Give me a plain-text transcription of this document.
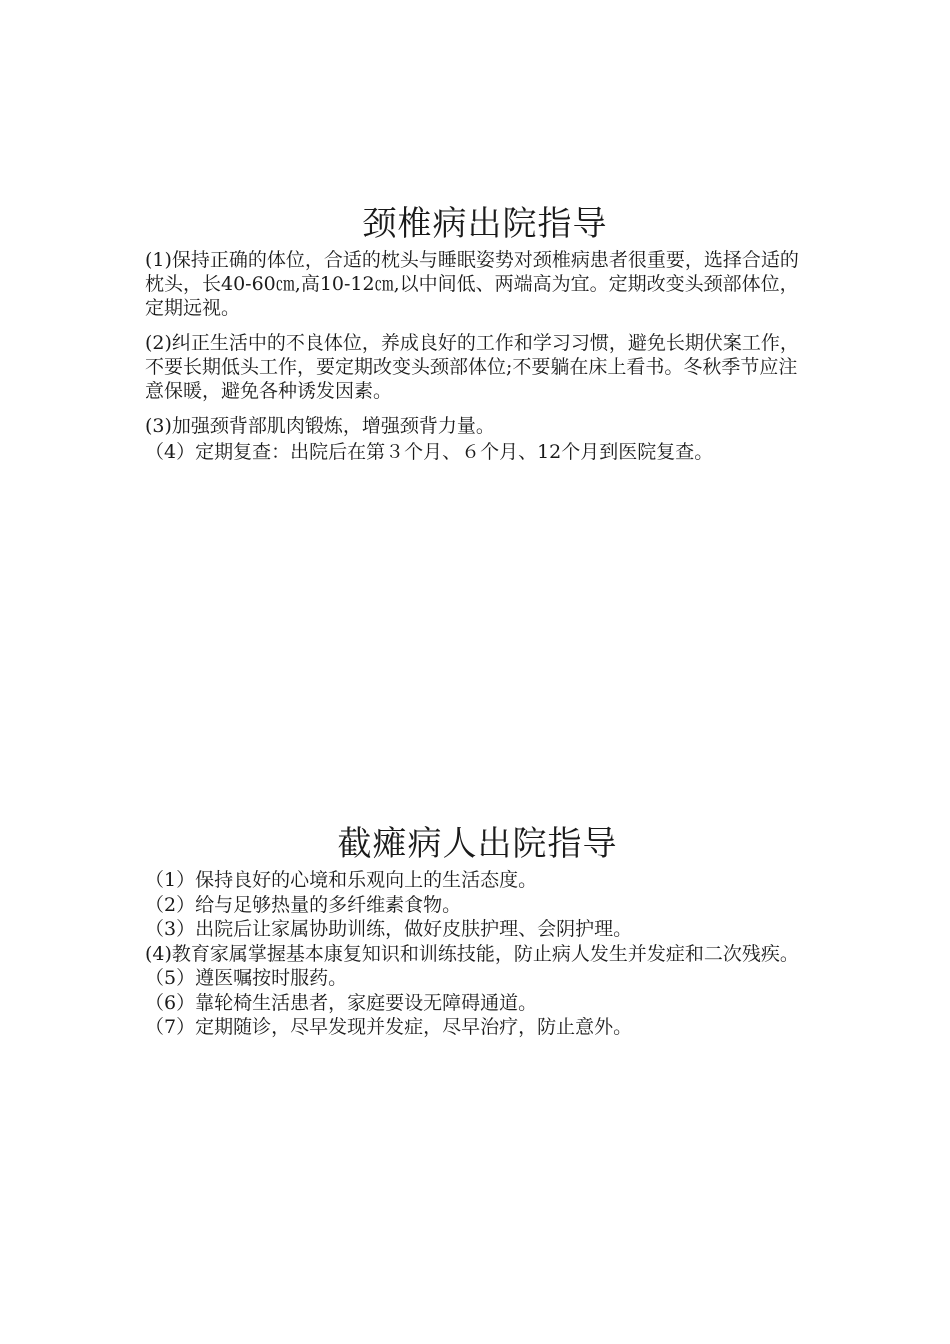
颈椎病出院指导

(1)保持正确的体位，合适的枕头与睡眠姿势对颈椎病患者很重要，选择合适的枕头，长40-60㎝,高10-12㎝,以中间低、两端高为宜。定期改变头颈部体位，定期远视。

(2)纠正生活中的不良体位，养成良好的工作和学习习惯，避免长期伏案工作，不要长期低头工作，要定期改变头颈部体位;不要躺在床上看书。冬秋季节应注意保暖，避免各种诱发因素。

(3)加强颈背部肌肉锻炼，增强颈背力量。

（4）定期复查：出院后在第３个月、６个月、12个月到医院复查。

截瘫病人出院指导

（1）保持良好的心境和乐观向上的生活态度。

（2）给与足够热量的多纤维素食物。

（3）出院后让家属协助训练，做好皮肤护理、会阴护理。

(4)教育家属掌握基本康复知识和训练技能，防止病人发生并发症和二次残疾。

（5）遵医嘱按时服药。

（6）靠轮椅生活患者，家庭要设无障碍通道。

（7）定期随诊，尽早发现并发症，尽早治疗，防止意外。
